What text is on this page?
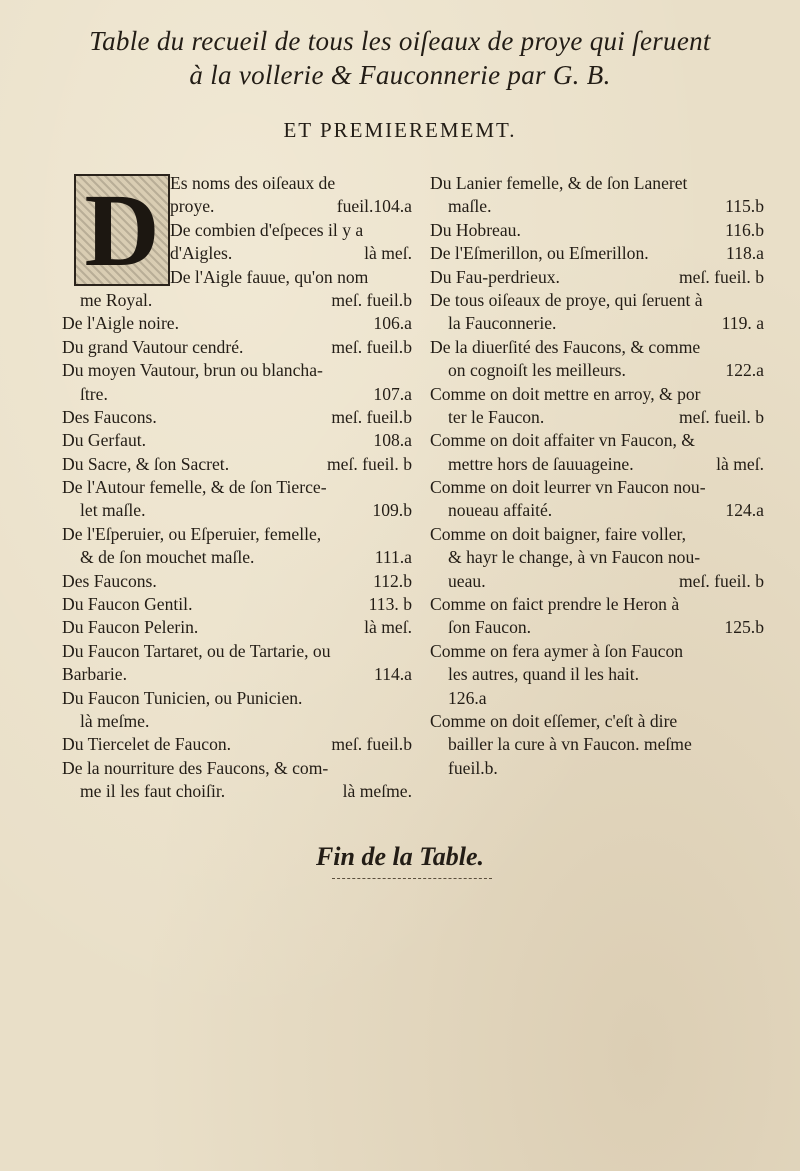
Table du recueil de tous les oiſeaux de proye qui ſeruent
à la vollerie & Fauconnerie par G. B.
ET PREMIEREMEMT.
D Es noms des oiſeaux de
proye.	fueil.104.a
De combien d'eſpeces il y a
d'Aigles.	là meſ.
De l'Aigle fauue, qu'on nom
me Royal.	meſ. fueil.b
De l'Aigle noire.	106.a
Du grand Vautour cendré.	meſ. fueil.b
Du moyen Vautour, brun ou blancha-
ſtre.	107.a
Des Faucons.	meſ. fueil.b
Du Gerfaut.	108.a
Du Sacre, & ſon Sacret.	meſ. fueil. b
De l'Autour femelle, & de ſon Tierce-
let maſle.	109.b
De l'Eſperuier, ou Eſperuier, femelle,
& de ſon mouchet maſle.	111.a
Des Faucons.	112.b
Du Faucon Gentil.	113. b
Du Faucon Pelerin.	là meſ.
Du Faucon Tartaret, ou de Tartarie, ou
Barbarie.	114.a
Du Faucon Tunicien, ou Punicien.
là meſme.
Du Tiercelet de Faucon.	meſ. fueil.b
De la nourriture des Faucons, & com-
me il les faut choiſir.	là meſme.
Du Lanier femelle, & de ſon Laneret
maſle.	115.b
Du Hobreau.	116.b
De l'Eſmerillon, ou Eſmerillon.	118.a
Du Fau-perdrieux.	meſ. fueil. b
De tous oiſeaux de proye, qui ſeruent à
la Fauconnerie.	119. a
De la diuerſité des Faucons, & comme
on cognoiſt les meilleurs.	122.a
Comme on doit mettre en arroy, & por
ter le Faucon.	meſ. fueil. b
Comme on doit affaiter vn Faucon, &
mettre hors de ſauuageine.	là meſ.
Comme on doit leurrer vn Faucon nou-
noueau affaité.	124.a
Comme on doit baigner, faire voller,
& hayr le change, à vn Faucon nou-
ueau.	meſ. fueil. b
Comme on faict prendre le Heron à
ſon Faucon.	125.b
Comme on fera aymer à ſon Faucon
les autres, quand il les hait.
126.a
Comme on doit eſſemer, c'eſt à dire
bailler la cure à vn Faucon. meſme
fueil.b.
Fin de la Table.
